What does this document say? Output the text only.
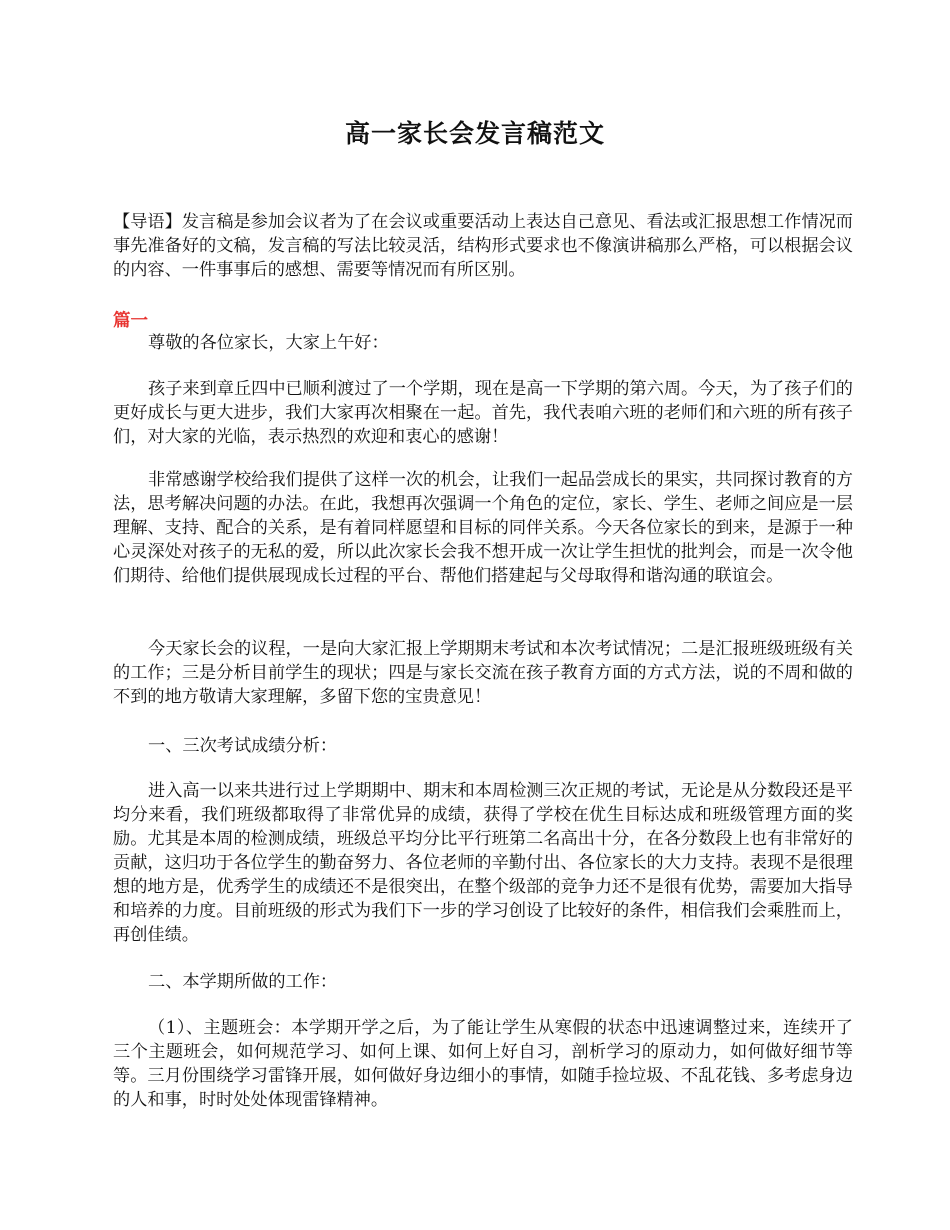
高一家长会发言稿范文

【导语】发言稿是参加会议者为了在会议或重要活动上表达自己意见、看法或汇报思想工作情况而事先准备好的文稿，发言稿的写法比较灵活，结构形式要求也不像演讲稿那么严格，可以根据会议的内容、一件事事后的感想、需要等情况而有所区别。

篇一

尊敬的各位家长，大家上午好：

孩子来到章丘四中已顺利渡过了一个学期，现在是高一下学期的第六周。今天，为了孩子们的更好成长与更大进步，我们大家再次相聚在一起。首先，我代表咱六班的老师们和六班的所有孩子们，对大家的光临，表示热烈的欢迎和衷心的感谢！

非常感谢学校给我们提供了这样一次的机会，让我们一起品尝成长的果实，共同探讨教育的方法，思考解决问题的办法。在此，我想再次强调一个角色的定位，家长、学生、老师之间应是一层理解、支持、配合的关系，是有着同样愿望和目标的同伴关系。今天各位家长的到来，是源于一种心灵深处对孩子的无私的爱，所以此次家长会我不想开成一次让学生担忧的批判会，而是一次令他们期待、给他们提供展现成长过程的平台、帮他们搭建起与父母取得和谐沟通的联谊会。

今天家长会的议程，一是向大家汇报上学期期末考试和本次考试情况；二是汇报班级班级有关的工作；三是分析目前学生的现状；四是与家长交流在孩子教育方面的方式方法，说的不周和做的不到的地方敬请大家理解，多留下您的宝贵意见！

一、三次考试成绩分析：

进入高一以来共进行过上学期期中、期末和本周检测三次正规的考试，无论是从分数段还是平均分来看，我们班级都取得了非常优异的成绩，获得了学校在优生目标达成和班级管理方面的奖励。尤其是本周的检测成绩，班级总平均分比平行班第二名高出十分，在各分数段上也有非常好的贡献，这归功于各位学生的勤奋努力、各位老师的辛勤付出、各位家长的大力支持。表现不是很理想的地方是，优秀学生的成绩还不是很突出，在整个级部的竞争力还不是很有优势，需要加大指导和培养的力度。目前班级的形式为我们下一步的学习创设了比较好的条件，相信我们会乘胜而上，再创佳绩。

二、本学期所做的工作：

（1）、主题班会：本学期开学之后，为了能让学生从寒假的状态中迅速调整过来，连续开了三个主题班会，如何规范学习、如何上课、如何上好自习，剖析学习的原动力，如何做好细节等等。三月份围绕学习雷锋开展，如何做好身边细小的事情，如随手捡垃圾、不乱花钱、多考虑身边的人和事，时时处处体现雷锋精神。
